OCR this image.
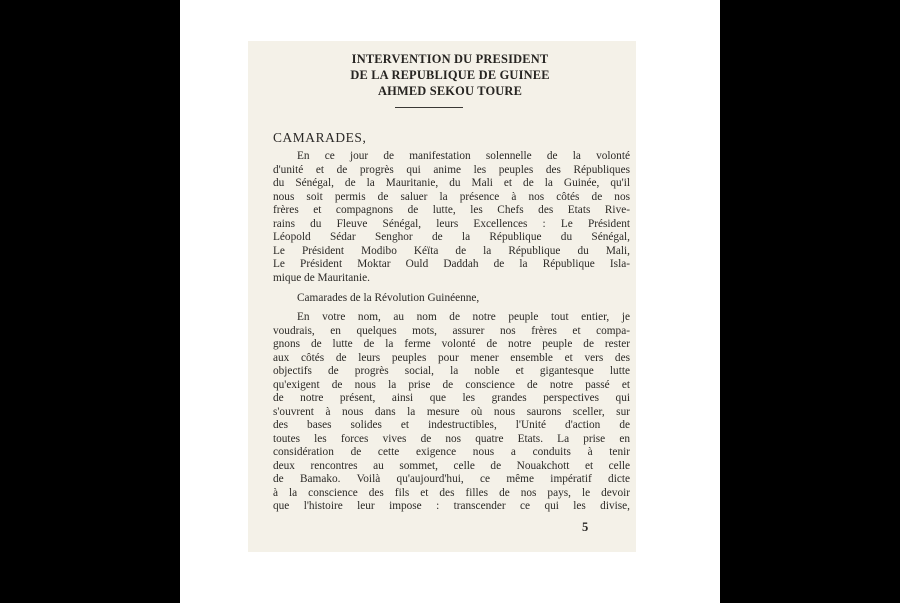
INTERVENTION DU PRESIDENT
DE LA REPUBLIQUE DE GUINEE
AHMED SEKOU TOURE
CAMARADES,
En ce jour de manifestation solennelle de la volonté
d'unité et de progrès qui anime les peuples des Républiques
du Sénégal, de la Mauritanie, du Mali et de la Guinée, qu'il
nous soit permis de saluer la présence à nos côtés de nos
frères et compagnons de lutte, les Chefs des Etats Rive-
rains du Fleuve Sénégal, leurs Excellences : Le Président
Léopold Sédar Senghor de la République du Sénégal,
Le Président Modibo Kéïta de la République du Mali,
Le Président Moktar Ould Daddah de la République Isla-
mique de Mauritanie.
Camarades de la Révolution Guinéenne,
En votre nom, au nom de notre peuple tout entier, je
voudrais, en quelques mots, assurer nos frères et compa-
gnons de lutte de la ferme volonté de notre peuple de rester
aux côtés de leurs peuples pour mener ensemble et vers des
objectifs de progrès social, la noble et gigantesque lutte
qu'exigent de nous la prise de conscience de notre passé et
de notre présent, ainsi que les grandes perspectives qui
s'ouvrent à nous dans la mesure où nous saurons sceller, sur
des bases solides et indestructibles, l'Unité d'action de
toutes les forces vives de nos quatre Etats. La prise en
considération de cette exigence nous a conduits à tenir
deux rencontres au sommet, celle de Nouakchott et celle
de Bamako. Voilà qu'aujourd'hui, ce même impératif dicte
à la conscience des fils et des filles de nos pays, le devoir
que l'histoire leur impose : transcender ce qui les divise,
5
